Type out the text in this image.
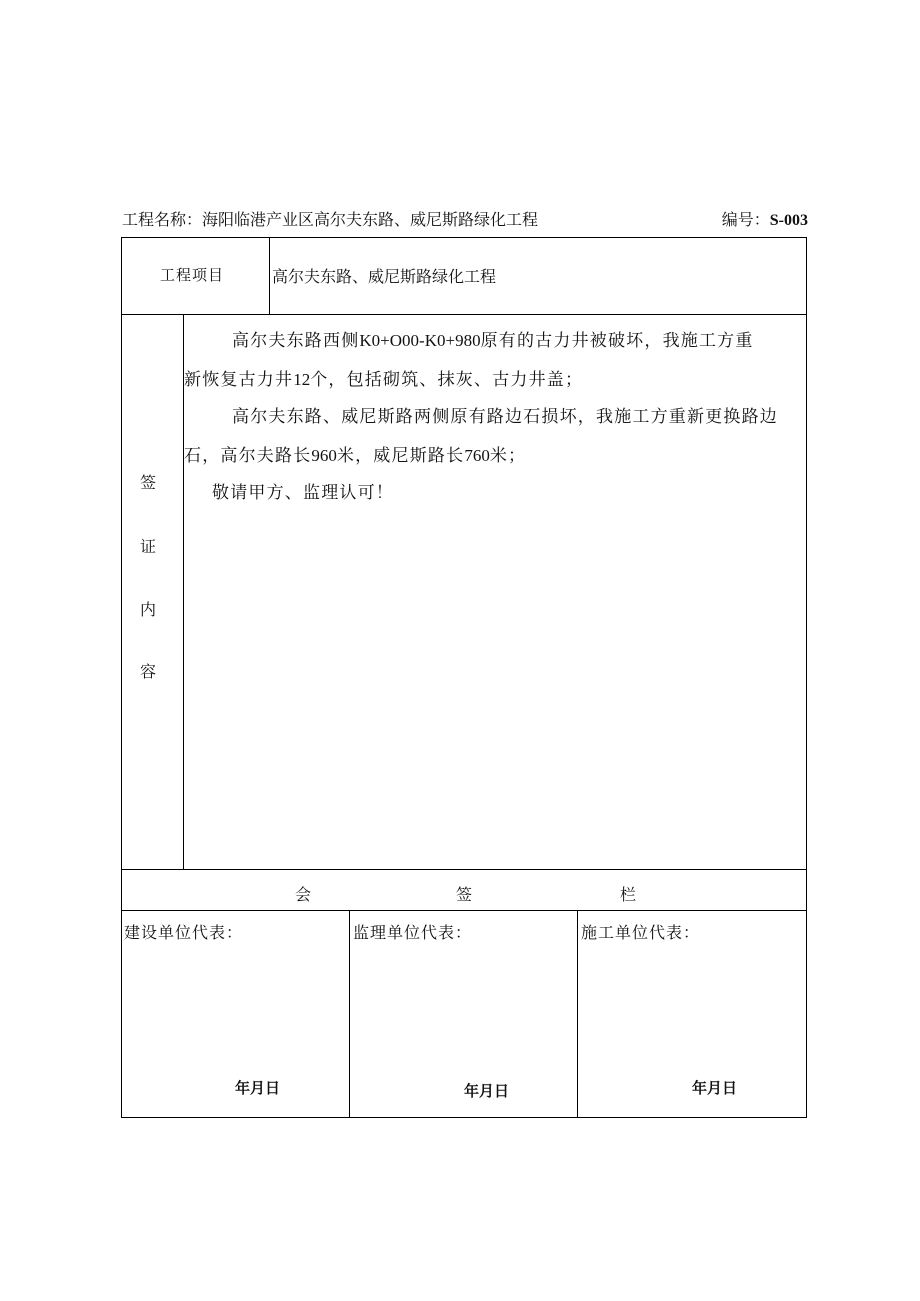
工程名称：海阳临港产业区高尔夫东路、威尼斯路绿化工程	编号：S-003
工程项目	高尔夫东路、威尼斯路绿化工程
签
证
内
容

高尔夫东路西侧K0+O00-K0+980原有的古力井被破坏，我施工方重

新恢复古力井12个，包括砌筑、抹灰、古力井盖；

高尔夫东路、威尼斯路两侧原有路边石损坏，我施工方重新更换路边

石，高尔夫路长960米，威尼斯路长760米；

敬请甲方、监理认可！

会	签	栏
建设单位代表：	监理单位代表：	施工单位代表：
年月日	年月日	年月日
